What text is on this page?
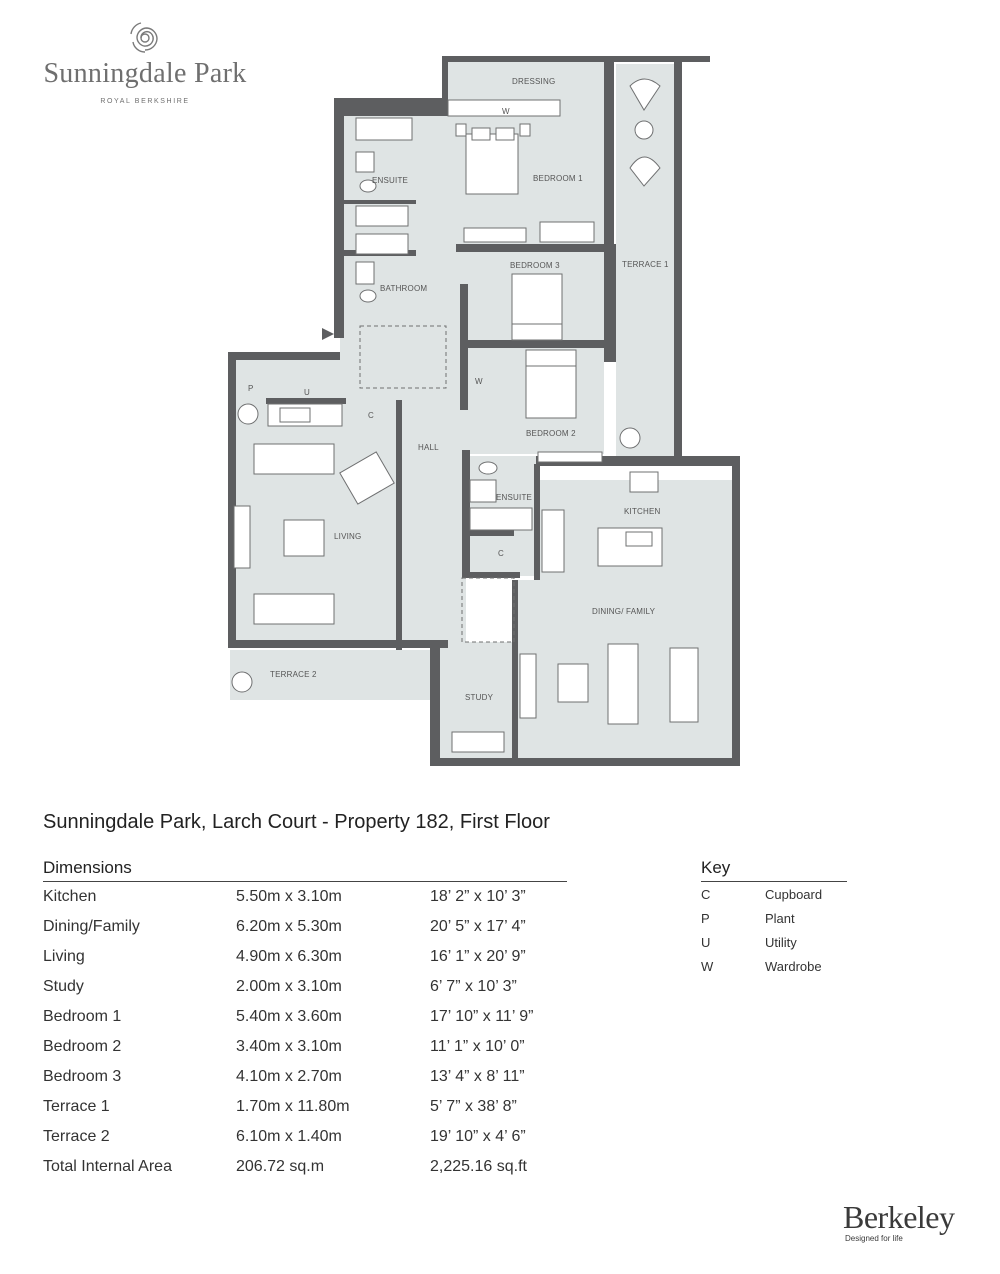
Sunningdale Park
ROYAL BERKSHIRE
DRESSING
W
ENSUITE	BEDROOM 1
BATHROOM
BEDROOM 3	TERRACE 1
P	U
C
HALL
W
BEDROOM 2
LIVING
ENSUITE
KITCHEN
C
DINING/ FAMILY
TERRACE 2
STUDY
Sunningdale Park, Larch Court - Property 182, First Floor
Dimensions
Kitchen	5.50m x 3.10m	18’ 2” x 10’ 3”
Dining/Family	6.20m x 5.30m	20’ 5” x 17’ 4”
Living	4.90m x 6.30m	16’ 1” x 20’ 9”
Study	2.00m x 3.10m	6’ 7” x 10’ 3”
Bedroom 1	5.40m x 3.60m	17’ 10” x 11’ 9”
Bedroom 2	3.40m x 3.10m	11’ 1” x 10’ 0”
Bedroom 3	4.10m x 2.70m	13’ 4” x 8’ 11”
Terrace 1	1.70m x 11.80m	5’ 7” x 38’ 8”
Terrace 2	6.10m x 1.40m	19’ 10” x 4’ 6”
Total Internal Area	206.72 sq.m	2,225.16 sq.ft
Key
C	Cupboard
P	Plant
U	Utility
W	Wardrobe
Berkeley
Designed for life
